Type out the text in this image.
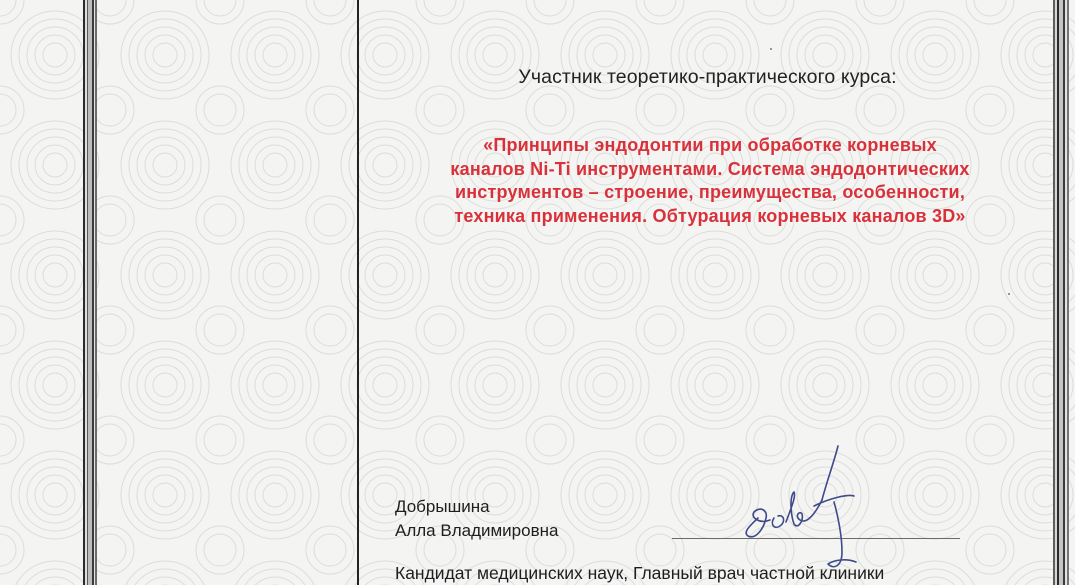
Участник теоретико-практического курса:
«Принципы эндодонтии при обработке корневых
каналов Ni-Ti инструментами. Система эндодонтических
инструментов – строение, преимущества, особенности,
техника применения. Обтурация корневых каналов 3D»
Добрышина
Алла Владимировна
Кандидат медицинских наук, Главный врач частной клиники
